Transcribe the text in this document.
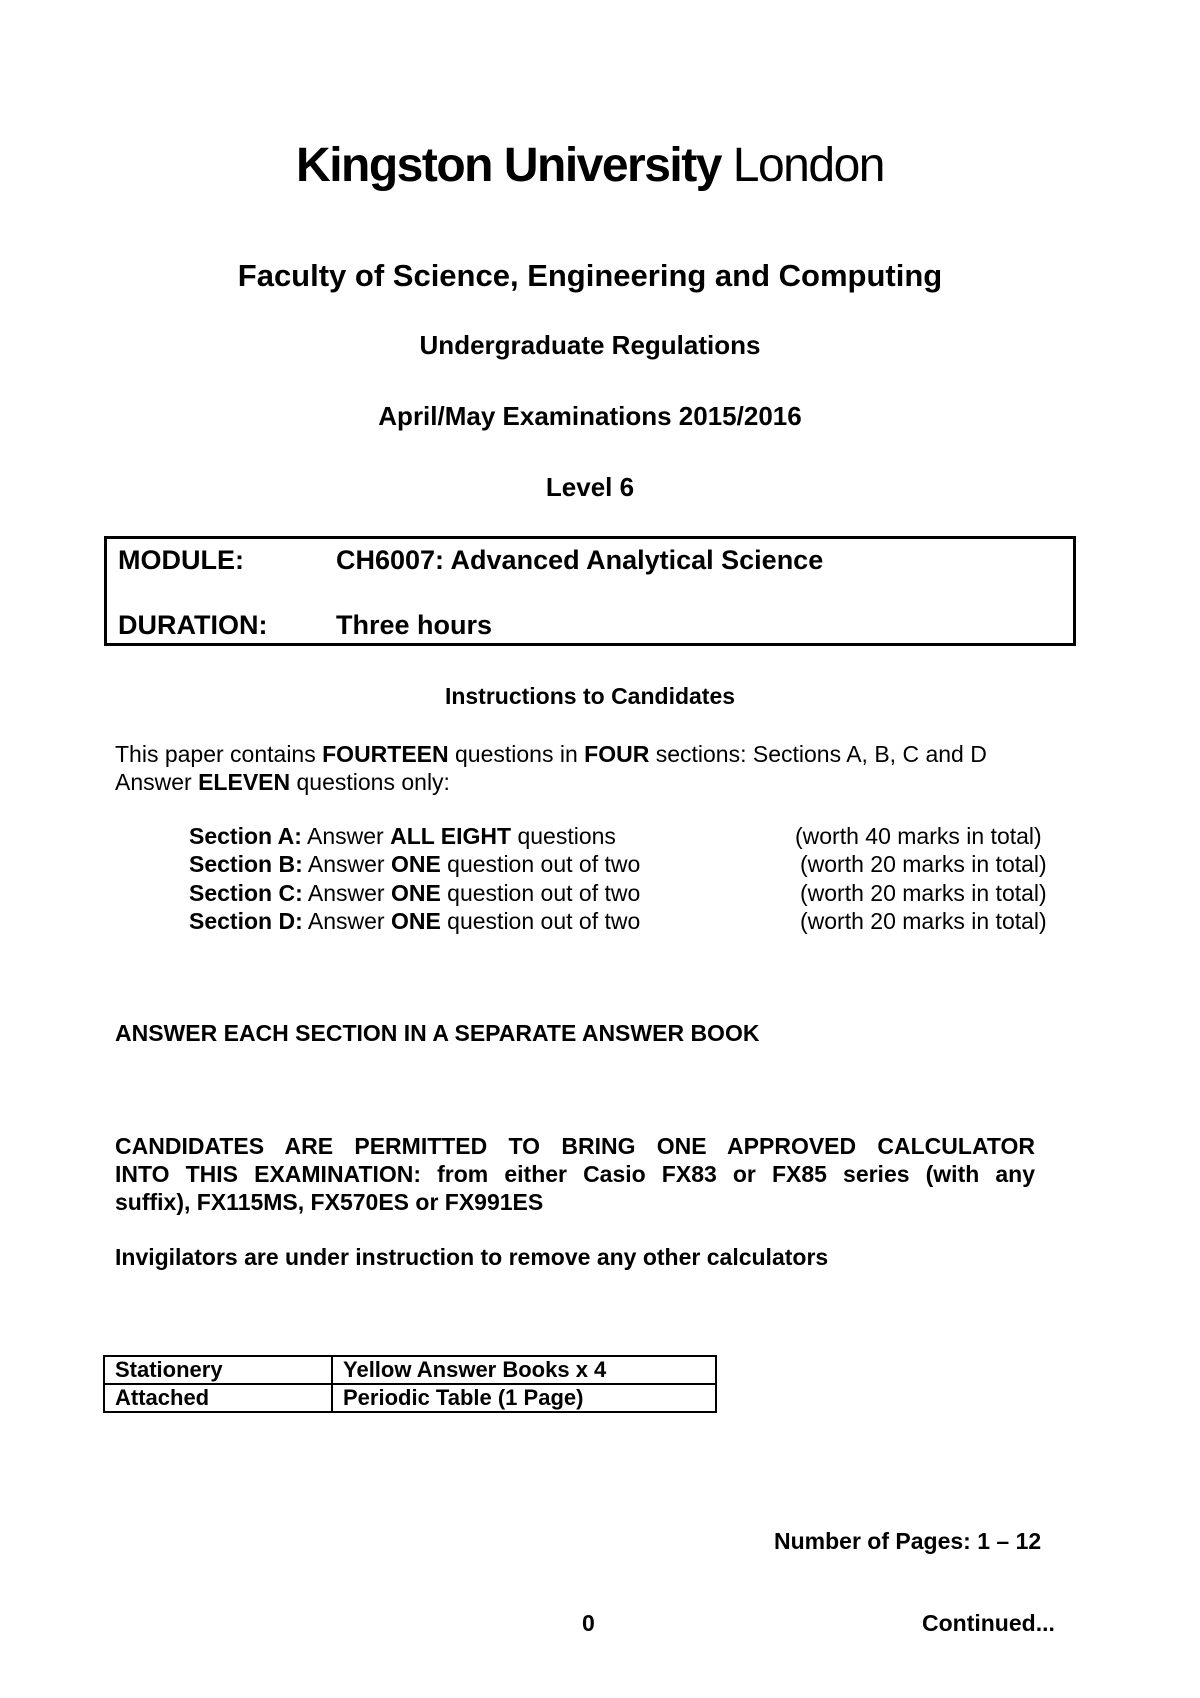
Kingston University London
Faculty of Science, Engineering and Computing
Undergraduate Regulations
April/May Examinations 2015/2016
Level 6
MODULE:	CH6007: Advanced Analytical Science
DURATION:	Three hours
Instructions to Candidates
This paper contains FOURTEEN questions in FOUR sections: Sections A, B, C and D
Answer ELEVEN questions only:
Section A: Answer ALL EIGHT questions	(worth 40 marks in total)
Section B: Answer ONE question out of two	(worth 20 marks in total)
Section C: Answer ONE question out of two	(worth 20 marks in total)
Section D: Answer ONE question out of two	(worth 20 marks in total)
ANSWER EACH SECTION IN A SEPARATE ANSWER BOOK
CANDIDATES ARE PERMITTED TO BRING ONE APPROVED CALCULATOR
INTO THIS EXAMINATION: from either Casio FX83 or FX85 series (with any
suffix), FX115MS, FX570ES or FX991ES
Invigilators are under instruction to remove any other calculators
Stationery	Yellow Answer Books x 4
Attached	Periodic Table (1 Page)
Number of Pages: 1 – 12
0	Continued...
